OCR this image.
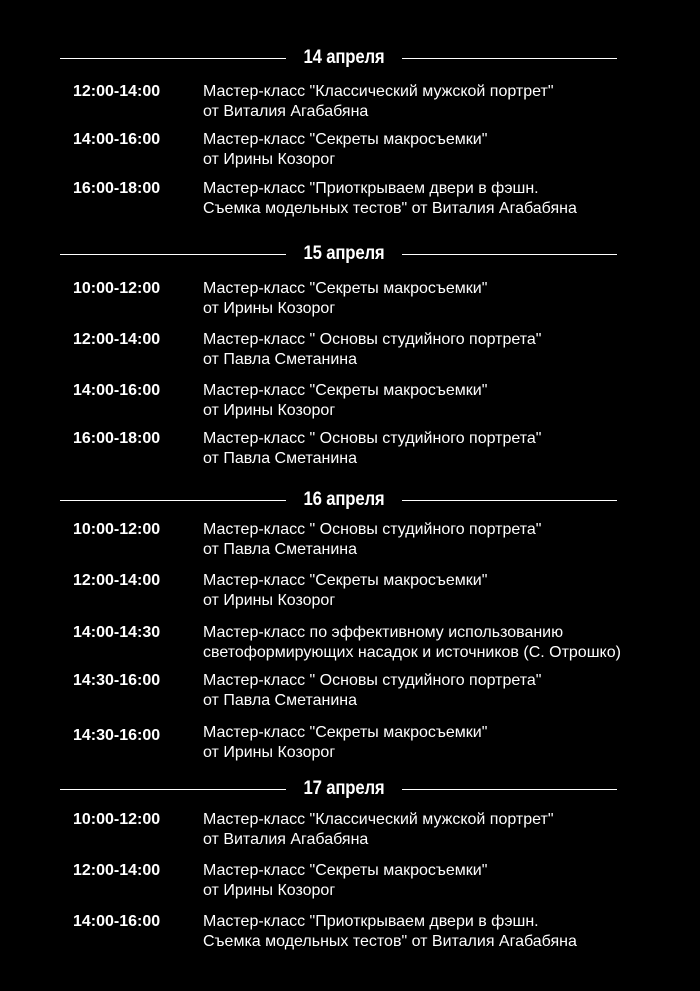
14 апреля
12:00-14:00	Мастер-класс "Классический мужской портрет"
от Виталия Агабабяна
14:00-16:00	Мастер-класс "Секреты макросъемки"
от Ирины Козорог
16:00-18:00	Мастер-класс "Приоткрываем двери в фэшн.
Съемка модельных тестов" от Виталия Агабабяна
15 апреля
10:00-12:00	Мастер-класс "Секреты макросъемки"
от Ирины Козорог
12:00-14:00	Мастер-класс " Основы студийного портрета"
от Павла Сметанина
14:00-16:00	Мастер-класс "Секреты макросъемки"
от Ирины Козорог
16:00-18:00	Мастер-класс " Основы студийного портрета"
от Павла Сметанина
16 апреля
10:00-12:00	Мастер-класс " Основы студийного портрета"
от Павла Сметанина
12:00-14:00	Мастер-класс "Секреты макросъемки"
от Ирины Козорог
14:00-14:30	Мастер-класс по эффективному использованию
светоформирующих насадок и источников (С. Отрошко)
14:30-16:00	Мастер-класс " Основы студийного портрета"
от Павла Сметанина
14:30-16:00	Мастер-класс "Секреты макросъемки"
от Ирины Козорог
17 апреля
10:00-12:00	Мастер-класс "Классический мужской портрет"
от Виталия Агабабяна
12:00-14:00	Мастер-класс "Секреты макросъемки"
от Ирины Козорог
14:00-16:00	Мастер-класс "Приоткрываем двери в фэшн.
Съемка модельных тестов" от Виталия Агабабяна
